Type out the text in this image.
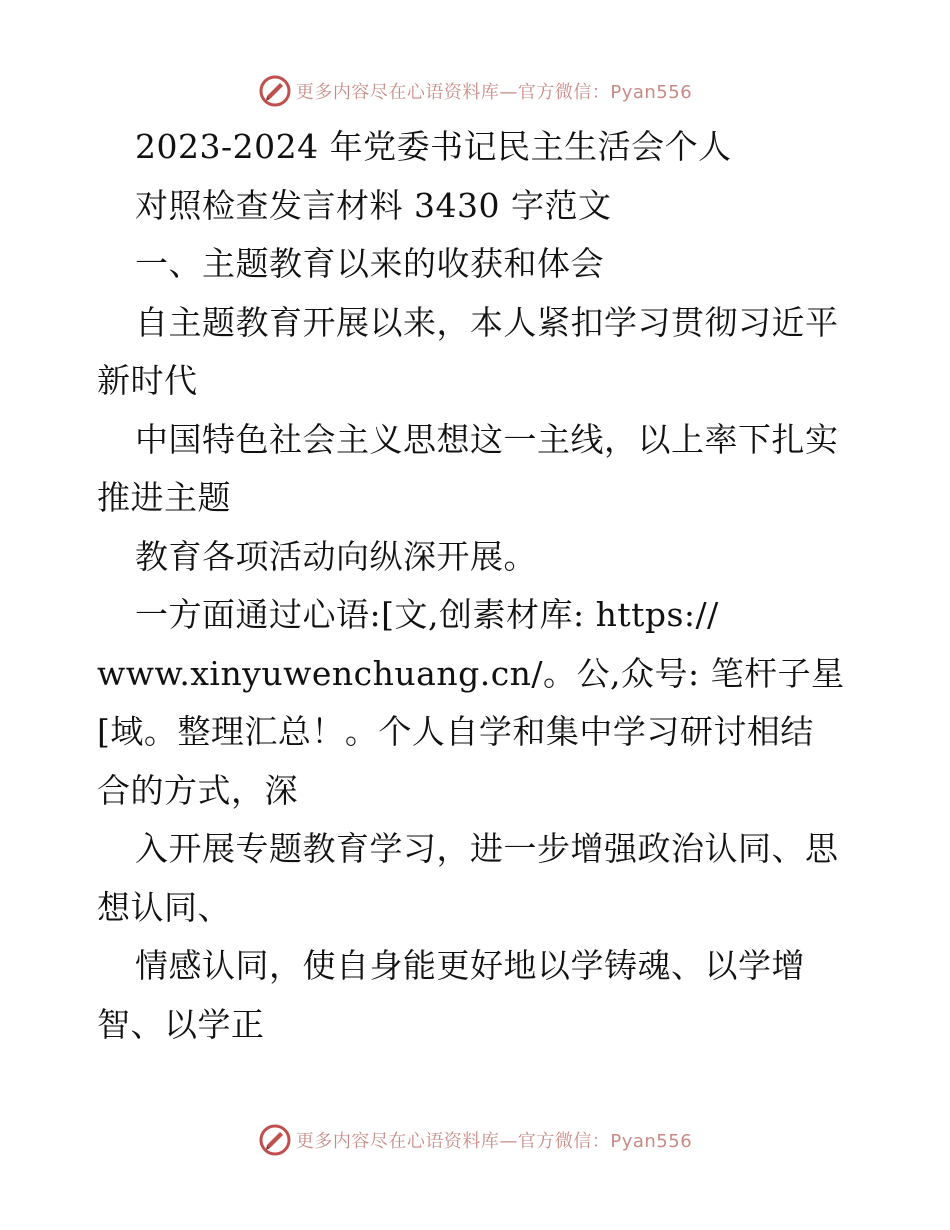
更多内容尽在心语资料库—官方微信：Pyan556
2023-2024 年党委书记民主生活会个人
对照检查发言材料 3430 字范文
一、主题教育以来的收获和体会
自主题教育开展以来，本人紧扣学习贯彻习近平
新时代
中国特色社会主义思想这一主线，以上率下扎实
推进主题
教育各项活动向纵深开展。
一方面通过心语:[文,创素材库: https://
www.xinyuwenchuang.cn/。公,众号: 笔杆子星
[域。整理汇总！。个人自学和集中学习研讨相结
合的方式，深
入开展专题教育学习，进一步增强政治认同、思
想认同、
情感认同，使自身能更好地以学铸魂、以学增
智、以学正
更多内容尽在心语资料库—官方微信：Pyan556
